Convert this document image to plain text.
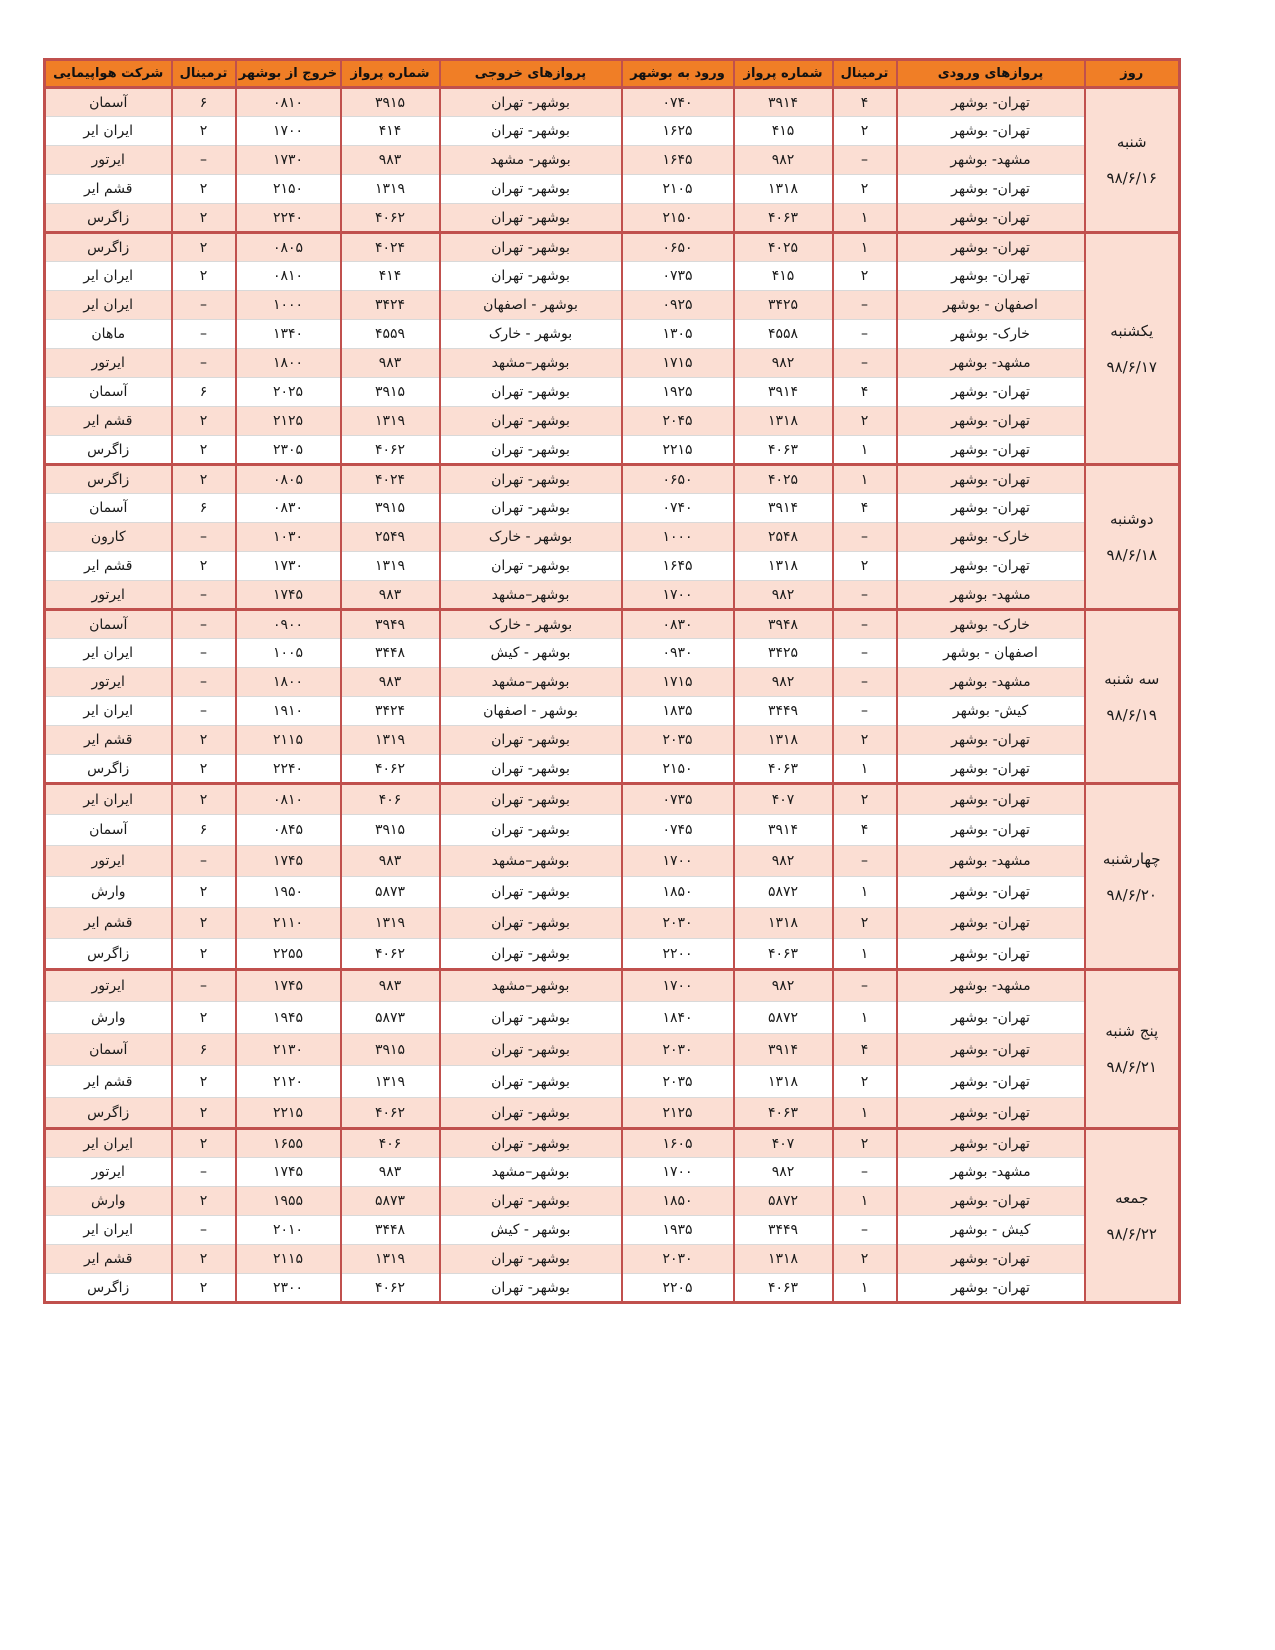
روز	پروازهای ورودی	ترمینال	شماره پرواز	ورود به بوشهر	پروازهای خروجی	شماره پرواز	خروج از بوشهر	ترمینال	شرکت هواپیمایی

شنبه
۹۸/۶/۱۶	تهران- بوشهر	۴	۳۹۱۴	۰۷۴۰	بوشهر- تهران	۳۹۱۵	۰۸۱۰	۶	آسمان
	تهران- بوشهر	۲	۴۱۵	۱۶۲۵	بوشهر- تهران	۴۱۴	۱۷۰۰	۲	ایران ایر
	مشهد- بوشهر	–	۹۸۲	۱۶۴۵	بوشهر- مشهد	۹۸۳	۱۷۳۰	–	ایرتور
	تهران- بوشهر	۲	۱۳۱۸	۲۱۰۵	بوشهر- تهران	۱۳۱۹	۲۱۵۰	۲	قشم ایر
	تهران- بوشهر	۱	۴۰۶۳	۲۱۵۰	بوشهر- تهران	۴۰۶۲	۲۲۴۰	۲	زاگرس

یکشنبه
۹۸/۶/۱۷	تهران- بوشهر	۱	۴۰۲۵	۰۶۵۰	بوشهر- تهران	۴۰۲۴	۰۸۰۵	۲	زاگرس
	تهران- بوشهر	۲	۴۱۵	۰۷۳۵	بوشهر- تهران	۴۱۴	۰۸۱۰	۲	ایران ایر
	اصفهان - بوشهر	–	۳۴۲۵	۰۹۲۵	بوشهر - اصفهان	۳۴۲۴	۱۰۰۰	–	ایران ایر
	خارک- بوشهر	–	۴۵۵۸	۱۳۰۵	بوشهر - خارک	۴۵۵۹	۱۳۴۰	–	ماهان
	مشهد- بوشهر	–	۹۸۲	۱۷۱۵	بوشهر–مشهد	۹۸۳	۱۸۰۰	–	ایرتور
	تهران- بوشهر	۴	۳۹۱۴	۱۹۲۵	بوشهر- تهران	۳۹۱۵	۲۰۲۵	۶	آسمان
	تهران- بوشهر	۲	۱۳۱۸	۲۰۴۵	بوشهر- تهران	۱۳۱۹	۲۱۲۵	۲	قشم ایر
	تهران- بوشهر	۱	۴۰۶۳	۲۲۱۵	بوشهر- تهران	۴۰۶۲	۲۳۰۵	۲	زاگرس

دوشنبه
۹۸/۶/۱۸	تهران- بوشهر	۱	۴۰۲۵	۰۶۵۰	بوشهر- تهران	۴۰۲۴	۰۸۰۵	۲	زاگرس
	تهران- بوشهر	۴	۳۹۱۴	۰۷۴۰	بوشهر- تهران	۳۹۱۵	۰۸۳۰	۶	آسمان
	خارک- بوشهر	–	۲۵۴۸	۱۰۰۰	بوشهر - خارک	۲۵۴۹	۱۰۳۰	–	کارون
	تهران- بوشهر	۲	۱۳۱۸	۱۶۴۵	بوشهر- تهران	۱۳۱۹	۱۷۳۰	۲	قشم ایر
	مشهد- بوشهر	–	۹۸۲	۱۷۰۰	بوشهر–مشهد	۹۸۳	۱۷۴۵	–	ایرتور

سه شنبه
۹۸/۶/۱۹	خارک- بوشهر	–	۳۹۴۸	۰۸۳۰	بوشهر - خارک	۳۹۴۹	۰۹۰۰	–	آسمان
	اصفهان - بوشهر	–	۳۴۲۵	۰۹۳۰	بوشهر - کیش	۳۴۴۸	۱۰۰۵	–	ایران ایر
	مشهد- بوشهر	–	۹۸۲	۱۷۱۵	بوشهر–مشهد	۹۸۳	۱۸۰۰	–	ایرتور
	کیش- بوشهر	–	۳۴۴۹	۱۸۳۵	بوشهر - اصفهان	۳۴۲۴	۱۹۱۰	–	ایران ایر
	تهران- بوشهر	۲	۱۳۱۸	۲۰۳۵	بوشهر- تهران	۱۳۱۹	۲۱۱۵	۲	قشم ایر
	تهران- بوشهر	۱	۴۰۶۳	۲۱۵۰	بوشهر- تهران	۴۰۶۲	۲۲۴۰	۲	زاگرس

چهارشنبه
۹۸/۶/۲۰	تهران- بوشهر	۲	۴۰۷	۰۷۳۵	بوشهر- تهران	۴۰۶	۰۸۱۰	۲	ایران ایر
	تهران- بوشهر	۴	۳۹۱۴	۰۷۴۵	بوشهر- تهران	۳۹۱۵	۰۸۴۵	۶	آسمان
	مشهد- بوشهر	–	۹۸۲	۱۷۰۰	بوشهر–مشهد	۹۸۳	۱۷۴۵	–	ایرتور
	تهران- بوشهر	۱	۵۸۷۲	۱۸۵۰	بوشهر- تهران	۵۸۷۳	۱۹۵۰	۲	وارش
	تهران- بوشهر	۲	۱۳۱۸	۲۰۳۰	بوشهر- تهران	۱۳۱۹	۲۱۱۰	۲	قشم ایر
	تهران- بوشهر	۱	۴۰۶۳	۲۲۰۰	بوشهر- تهران	۴۰۶۲	۲۲۵۵	۲	زاگرس

پنج شنبه
۹۸/۶/۲۱	مشهد- بوشهر	–	۹۸۲	۱۷۰۰	بوشهر–مشهد	۹۸۳	۱۷۴۵	–	ایرتور
	تهران- بوشهر	۱	۵۸۷۲	۱۸۴۰	بوشهر- تهران	۵۸۷۳	۱۹۴۵	۲	وارش
	تهران- بوشهر	۴	۳۹۱۴	۲۰۳۰	بوشهر- تهران	۳۹۱۵	۲۱۳۰	۶	آسمان
	تهران- بوشهر	۲	۱۳۱۸	۲۰۳۵	بوشهر- تهران	۱۳۱۹	۲۱۲۰	۲	قشم ایر
	تهران- بوشهر	۱	۴۰۶۳	۲۱۲۵	بوشهر- تهران	۴۰۶۲	۲۲۱۵	۲	زاگرس

جمعه
۹۸/۶/۲۲	تهران- بوشهر	۲	۴۰۷	۱۶۰۵	بوشهر- تهران	۴۰۶	۱۶۵۵	۲	ایران ایر
	مشهد- بوشهر	–	۹۸۲	۱۷۰۰	بوشهر–مشهد	۹۸۳	۱۷۴۵	–	ایرتور
	تهران- بوشهر	۱	۵۸۷۲	۱۸۵۰	بوشهر- تهران	۵۸۷۳	۱۹۵۵	۲	وارش
	کیش - بوشهر	–	۳۴۴۹	۱۹۳۵	بوشهر - کیش	۳۴۴۸	۲۰۱۰	–	ایران ایر
	تهران- بوشهر	۲	۱۳۱۸	۲۰۳۰	بوشهر- تهران	۱۳۱۹	۲۱۱۵	۲	قشم ایر
	تهران- بوشهر	۱	۴۰۶۳	۲۲۰۵	بوشهر- تهران	۴۰۶۲	۲۳۰۰	۲	زاگرس
